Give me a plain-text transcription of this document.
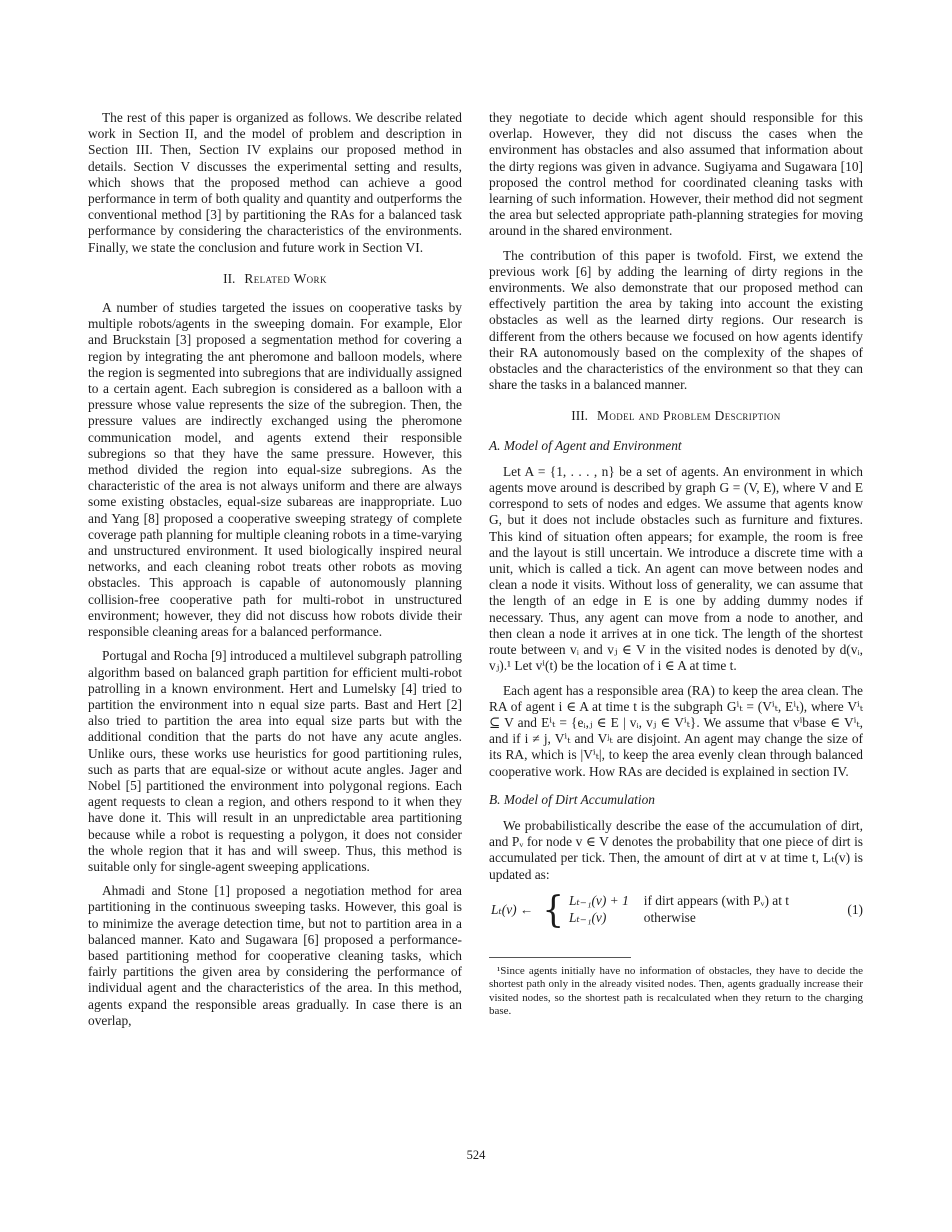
The rest of this paper is organized as follows. We describe related work in Section II, and the model of problem and description in Section III. Then, Section IV explains our proposed method in details. Section V discusses the experimental setting and results, which shows that the proposed method can achieve a good performance in term of both quality and quantity and outperforms the conventional method [3] by partitioning the RAs for a balanced task performance by considering the characteristics of the environments. Finally, we state the conclusion and future work in Section VI.

II. Related Work

A number of studies targeted the issues on cooperative tasks by multiple robots/agents in the sweeping domain. For example, Elor and Bruckstain [3] proposed a segmentation method for covering a region by integrating the ant pheromone and balloon models, where the region is segmented into subregions that are individually assigned to a certain agent. Each subregion is considered as a balloon with a pressure whose value represents the size of the subregion. Then, the pressure values are indirectly exchanged using the pheromone communication model, and agents extend their responsible subregions so that they have the same pressure. However, this method divided the region into equal-size subregions. As the characteristic of the area is not always uniform and there are always some existing obstacles, equal-size subareas are inappropriate. Luo and Yang [8] proposed a cooperative sweeping strategy of complete coverage path planning for multiple cleaning robots in a time-varying and unstructured environment. It used biologically inspired neural networks, and each cleaning robot treats other robots as moving obstacles. This approach is capable of autonomously planning collision-free cooperative path for multi-robot in unstructured environment; however, they did not discuss how robots divide their responsible cleaning areas for a balanced performance.

Portugal and Rocha [9] introduced a multilevel subgraph patrolling algorithm based on balanced graph partition for efficient multi-robot patrolling in a known environment. Hert and Lumelsky [4] tried to partition the environment into n equal size parts. Bast and Hert [2] also tried to partition the area into equal size parts but with the additional condition that the parts do not have any acute angles. Unlike ours, these works use heuristics for good partitioning rules, such as parts that are equal-size or without acute angles. Jager and Nobel [5] partitioned the environment into polygonal regions. Each agent requests to clean a region, and others respond to it when they have done it. This will result in an unpredictable area partitioning because while a robot is requesting a polygon, it does not consider the whole region that it has and will sweep. Thus, this method is suitable only for single-agent sweeping applications.

Ahmadi and Stone [1] proposed a negotiation method for area partitioning in the continuous sweeping tasks. However, this goal is to minimize the average detection time, but not to partition area in a balanced manner. Kato and Sugawara [6] proposed a performance-based partitioning method for cooperative cleaning tasks, which fairly partitions the given area by considering the performance of individual agent and the characteristics of the area. In this method, agents expand the responsible areas gradually. In case there is an overlap,

they negotiate to decide which agent should responsible for this overlap. However, they did not discuss the cases when the environment has obstacles and also assumed that information about the dirty regions was given in advance. Sugiyama and Sugawara [10] proposed the control method for coordinated cleaning tasks with learning of such information. However, their method did not segment the area but selected appropriate path-planning strategies for moving around in the shared environment.

The contribution of this paper is twofold. First, we extend the previous work [6] by adding the learning of dirty regions in the environments. We also demonstrate that our proposed method can effectively partition the area by taking into account the existing obstacles as well as the learned dirty regions. Our research is different from the others because we focused on how agents identify their RA autonomously based on the complexity of the shapes of obstacles and the characteristics of the environment so that they can share the tasks in a balanced manner.

III. Model and Problem Description
A. Model of Agent and Environment

Let A = {1, . . . , n} be a set of agents. An environment in which agents move around is described by graph G = (V, E), where V and E correspond to sets of nodes and edges. We assume that agents know G, but it does not include obstacles such as furniture and fixtures. This kind of situation often appears; for example, the room is free and the layout is still uncertain. We introduce a discrete time with a unit, which is called a tick. An agent can move between nodes and clean a node it visits. Without loss of generality, we can assume that the length of an edge in E is one by adding dummy nodes if necessary. Thus, any agent can move from a node to another, and then clean a node it arrives at in one tick. The length of the shortest route between vᵢ and vⱼ ∈ V in the visited nodes is denoted by d(vᵢ, vⱼ).¹ Let vⁱ(t) be the location of i ∈ A at time t.

Each agent has a responsible area (RA) to keep the area clean. The RA of agent i ∈ A at time t is the subgraph Gⁱₜ = (Vⁱₜ, Eⁱₜ), where Vⁱₜ ⊆ V and Eⁱₜ = {eᵢ,ⱼ ∈ E | vᵢ, vⱼ ∈ Vⁱₜ}. We assume that vⁱbase ∈ Vⁱₜ, and if i ≠ j, Vⁱₜ and Vʲₜ are disjoint. An agent may change the size of its RA, which is |Vⁱₜ|, to keep the area evenly clean through balanced cooperative work. How RAs are decided is explained in section IV.

B. Model of Dirt Accumulation

We probabilistically describe the ease of the accumulation of dirt, and Pᵥ for node v ∈ V denotes the probability that one piece of dirt is accumulated per tick. Then, the amount of dirt at v at time t, Lₜ(v) is updated as:

Lₜ(v) ← { Lₜ₋₁(v) + 1 if dirt appears (with Pᵥ) at t
Lₜ₋₁(v)	otherwise
(1)

¹Since agents initially have no information of obstacles, they have to decide the shortest path only in the already visited nodes. Then, agents gradually increase their visited nodes, so the shortest path is recalculated when they return to the charging base.

524
